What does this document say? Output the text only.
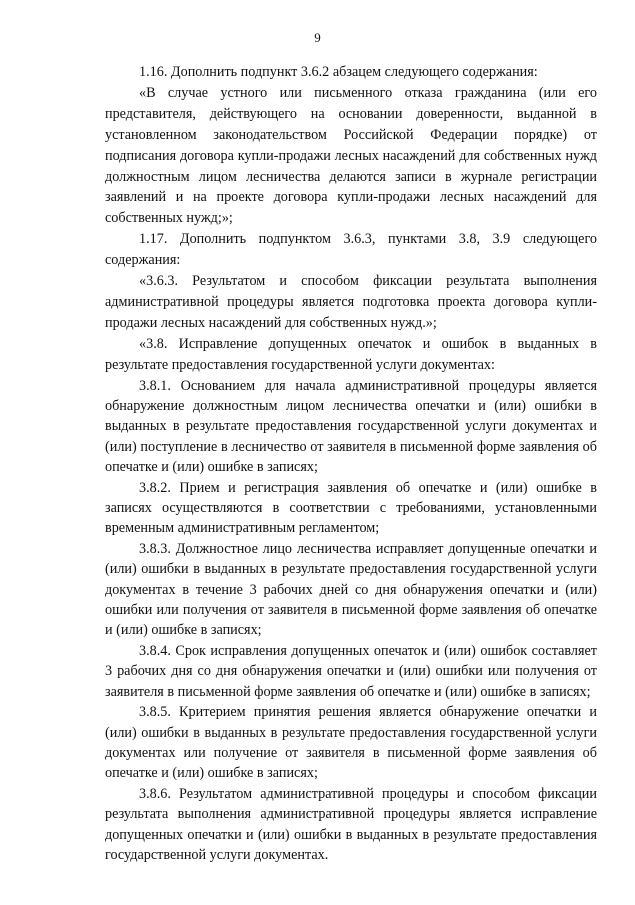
9

1.16. Дополнить подпункт 3.6.2 абзацем следующего содержания:

«В случае устного или письменного отказа гражданина (или его представителя, действующего на основании доверенности, выданной в установленном законодательством Российской Федерации порядке) от подписания договора купли-продажи лесных насаждений для собственных нужд должностным лицом лесничества делаются записи в журнале регистрации заявлений и на проекте договора купли-продажи лесных насаждений для собственных нужд;»;

1.17. Дополнить подпунктом 3.6.3, пунктами 3.8, 3.9 следующего содержания:

«3.6.3. Результатом и способом фиксации результата выполнения административной процедуры является подготовка проекта договора купли-продажи лесных насаждений для собственных нужд.»;

«3.8. Исправление допущенных опечаток и ошибок в выданных в результате предоставления государственной услуги документах:

3.8.1. Основанием для начала административной процедуры является обнаружение должностным лицом лесничества опечатки и (или) ошибки в выданных в результате предоставления государственной услуги документах и (или) поступление в лесничество от заявителя в письменной форме заявления об опечатке и (или) ошибке в записях;

3.8.2. Прием и регистрация заявления об опечатке и (или) ошибке в записях осуществляются в соответствии с требованиями, установленными временным административным регламентом;

3.8.3. Должностное лицо лесничества исправляет допущенные опечатки и (или) ошибки в выданных в результате предоставления государственной услуги документах в течение 3 рабочих дней со дня обнаружения опечатки и (или) ошибки или получения от заявителя в письменной форме заявления об опечатке и (или) ошибке в записях;

3.8.4. Срок исправления допущенных опечаток и (или) ошибок составляет 3 рабочих дня со дня обнаружения опечатки и (или) ошибки или получения от заявителя в письменной форме заявления об опечатке и (или) ошибке в записях;

3.8.5. Критерием принятия решения является обнаружение опечатки и (или) ошибки в выданных в результате предоставления государственной услуги документах или получение от заявителя в письменной форме заявления об опечатке и (или) ошибке в записях;

3.8.6. Результатом административной процедуры и способом фиксации результата выполнения административной процедуры является исправление допущенных опечатки и (или) ошибки в выданных в результате предоставления государственной услуги документах.
